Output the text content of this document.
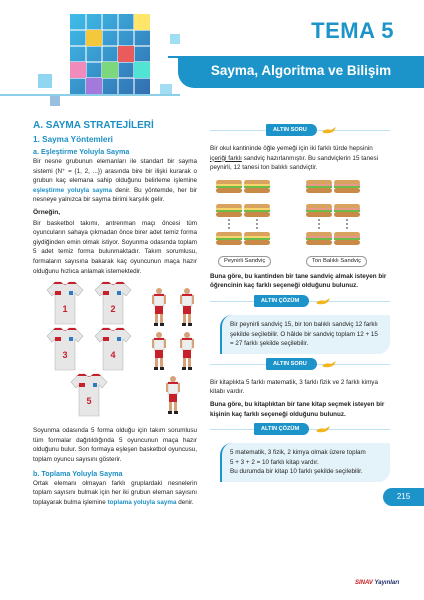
TEMA 5
Sayma, Algoritma ve Bilişim
A. SAYMA STRATEJİLERİ
1. Sayma Yöntemleri
a. Eşleştirme Yoluyla Sayma
Bir nesne grubunun elemanları ile standart bir sayma sistemi (N⁺ = {1, 2, ...}) arasında bire bir ilişki kurarak o grubun kaç elemana sahip olduğunu belirleme işlemine eşleştirme yoluyla sayma denir. Bu yöntemde, her bir nesneye yalnızca bir sayma birimi karşılık gelir.
Örneğin,
Bir basketbol takımı, antrenman maçı öncesi tüm oyuncuların sahaya çıkmadan önce birer adet temiz forma giydiğinden emin olmak istiyor. Soyunma odasında toplam 5 adet temiz forma bulunmaktadır. Takım sorumlusu, formaların sayısına bakarak kaç oyuncunun maça hazır olduğunu hızlıca anlamak istemektedir.
1	2
3	4
5
Soyunma odasında 5 forma olduğu için takım sorumlusu tüm formalar dağıtıldığında 5 oyuncunun maça hazır olduğunu bulur. Son formaya eşleşen basketbol oyuncusu, toplam oyuncu sayısını gösterir.
b. Toplama Yoluyla Sayma
Ortak elemanı olmayan farklı gruplardaki nesnelerin toplam sayısını bulmak için her iki grubun eleman sayısını toplayarak bulma işlemine toplama yoluyla sayma denir.
ALTIN SORU
Bir okul kantininde öğle yemeği için iki farklı türde hepsinin içeriği farklı sandviç hazırlanmıştır. Bu sandviçlerin 15 tanesi peynirli, 12 tanesi ton balıklı sandviçtir.
Peynirli Sandviç	Ton Balıklı Sandviç
Buna göre, bu kantinden bir tane sandviç almak isteyen bir öğrencinin kaç farklı seçeneği olduğunu bulunuz.
ALTIN ÇÖZÜM
Bir peynirli sandviç 15, bir ton balıklı sandviç 12 farklı şekilde seçilebilir. O hâlde bir sandviç toplam 12 + 15 = 27 farklı şekilde seçilebilir.
ALTIN SORU
Bir kitaplıkta 5 farklı matematik, 3 farklı fizik ve 2 farklı kimya kitabı vardır.
Buna göre, bu kitaplıktan bir tane kitap seçmek isteyen bir kişinin kaç farklı seçeneği olduğunu bulunuz.
ALTIN ÇÖZÜM
5 matematik, 3 fizik, 2 kimya olmak üzere toplam
5 + 3 + 2 = 10 farklı kitap vardır.
Bu durumda bir kitap 10 farklı şekilde seçilebilir.
215
SINAV Yayınları
